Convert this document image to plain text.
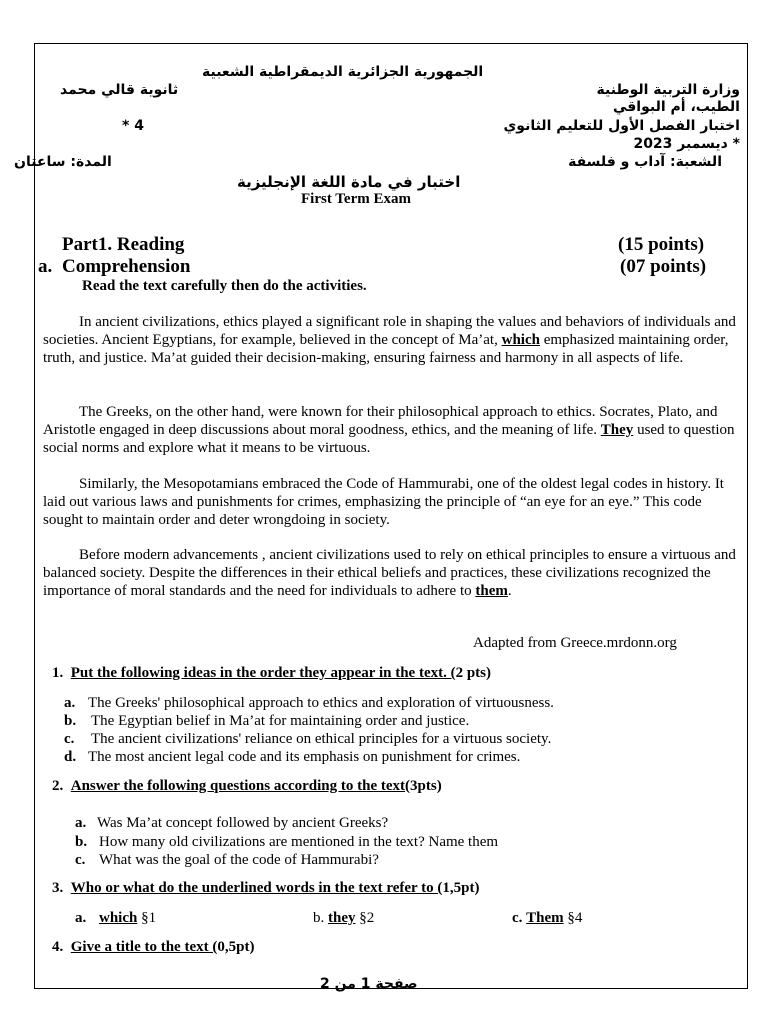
الجمهورية الجزائرية الديمقراطية الشعبية
وزارة التربية الوطنية
ثانوية قالي محمد
الطيب، أم البواقي
اختبار الفصل الأول للتعليم الثانوي
4 *
* ديسمبر 2023
الشعبة: آداب و فلسفة
المدة: ساعتان
اختبار في مادة اللغة الإنجليزية
First Term Exam
Part1. Reading	(15 points)
a. Comprehension	(07 points)
Read the text carefully then do the activities.
In ancient civilizations, ethics played a significant role in shaping the values and behaviors of individuals and societies. Ancient Egyptians, for example, believed in the concept of Ma’at, which emphasized maintaining order, truth, and justice. Ma’at guided their decision-making, ensuring fairness and harmony in all aspects of life.
The Greeks, on the other hand, were known for their philosophical approach to ethics. Socrates, Plato, and Aristotle engaged in deep discussions about moral goodness, ethics, and the meaning of life. They used to question social norms and explore what it means to be virtuous.
Similarly, the Mesopotamians embraced the Code of Hammurabi, one of the oldest legal codes in history. It laid out various laws and punishments for crimes, emphasizing the principle of “an eye for an eye.” This code sought to maintain order and deter wrongdoing in society.
Before modern advancements , ancient civilizations used to rely on ethical principles to ensure a virtuous and balanced society. Despite the differences in their ethical beliefs and practices, these civilizations recognized the importance of moral standards and the need for individuals to adhere to them.
Adapted from Greece.mrdonn.org
1. Put the following ideas in the order they appear in the text. (2 pts)
a. The Greeks' philosophical approach to ethics and exploration of virtuousness.
b. The Egyptian belief in Ma’at for maintaining order and justice.
c. The ancient civilizations' reliance on ethical principles for a virtuous society.
d. The most ancient legal code and its emphasis on punishment for crimes.
2. Answer the following questions according to the text(3pts)
a. Was Ma’at concept followed by ancient Greeks?
b. How many old civilizations are mentioned in the text? Name them
c. What was the goal of the code of Hammurabi?
3. Who or what do the underlined words in the text refer to (1,5pt)
a. which §1	b. they §2	c. Them §4
4. Give a title to the text (0,5pt)
صفحة 1 من 2
